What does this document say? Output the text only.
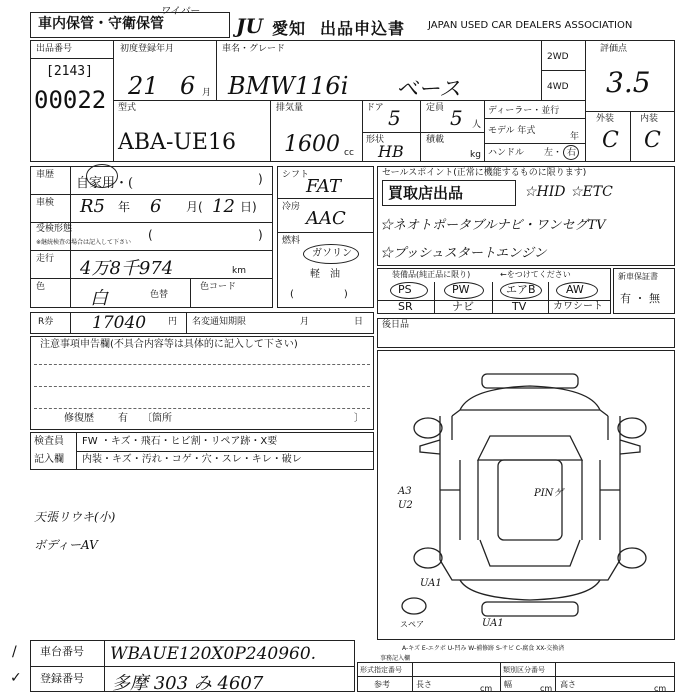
車内保管・守衛保管
ワイパー
JU 愛知 出品申込書 JAPAN USED CAR DEALERS ASSOCIATION
出品番号
[2143]
00022
初度登録年月
21 6 月
車名・グレード
BMW116i ベース
2WD
4WD
評価点
3.5
外装	内装
C C
型式
ABA-UE16
排気量
1600 cc
ドア 5
形状
HB
定員 5 人
積載
kg
ディーラー・並行
モデル 年式
年
ハンドル 左・ 右
車歴
自家用・(	)
車検 R5 年 6 月( 12 日)
受検形態
※継続検査の場合は記入して下さい
(	)
走行 4万8千974	km
色
白	色替
色コード
シフト
FAT
冷房
AAC
燃料
ガソリン
軽　油
(　　　　　)
セールスポイント(正常に機能するものに限ります)
買取店出品	☆HID ☆ETC
☆ネオトポータブルナビ・ワンセグTV
☆プッシュスタートエンジン
装備品(純正品に限り)	←をつけてください
PS	PW	エアB	AW
SR	ナビ	TV	カワシート
新車保証書
有 ・ 無
R券 17040 円 名変通知期限	月	日 後日品
注意事項申告欄(不具合内容等は具体的に記入して下さい)
修復歴 有 〔箇所	〕
検査員
記入欄
FW ・キズ・飛石・ヒビ割・リペア跡・X要
内装・キズ・汚れ・コゲ・穴・スレ・キレ・破レ
天張リウキ(小)
ボディーAV
PINゲ
A3
U2
UA1
UA1
スペア
A-キズ E-エクボ U-凹み W-補修跡 S-サビ C-腐食 XX-交換済
事務記入欄
/ 車台番号 WBAUE120X0P240960.
✓ 登録番号 多摩 303 み 4607
形式指定番号	類別区分番号
参考	長さ	cm 幅	cm 高さ	cm
